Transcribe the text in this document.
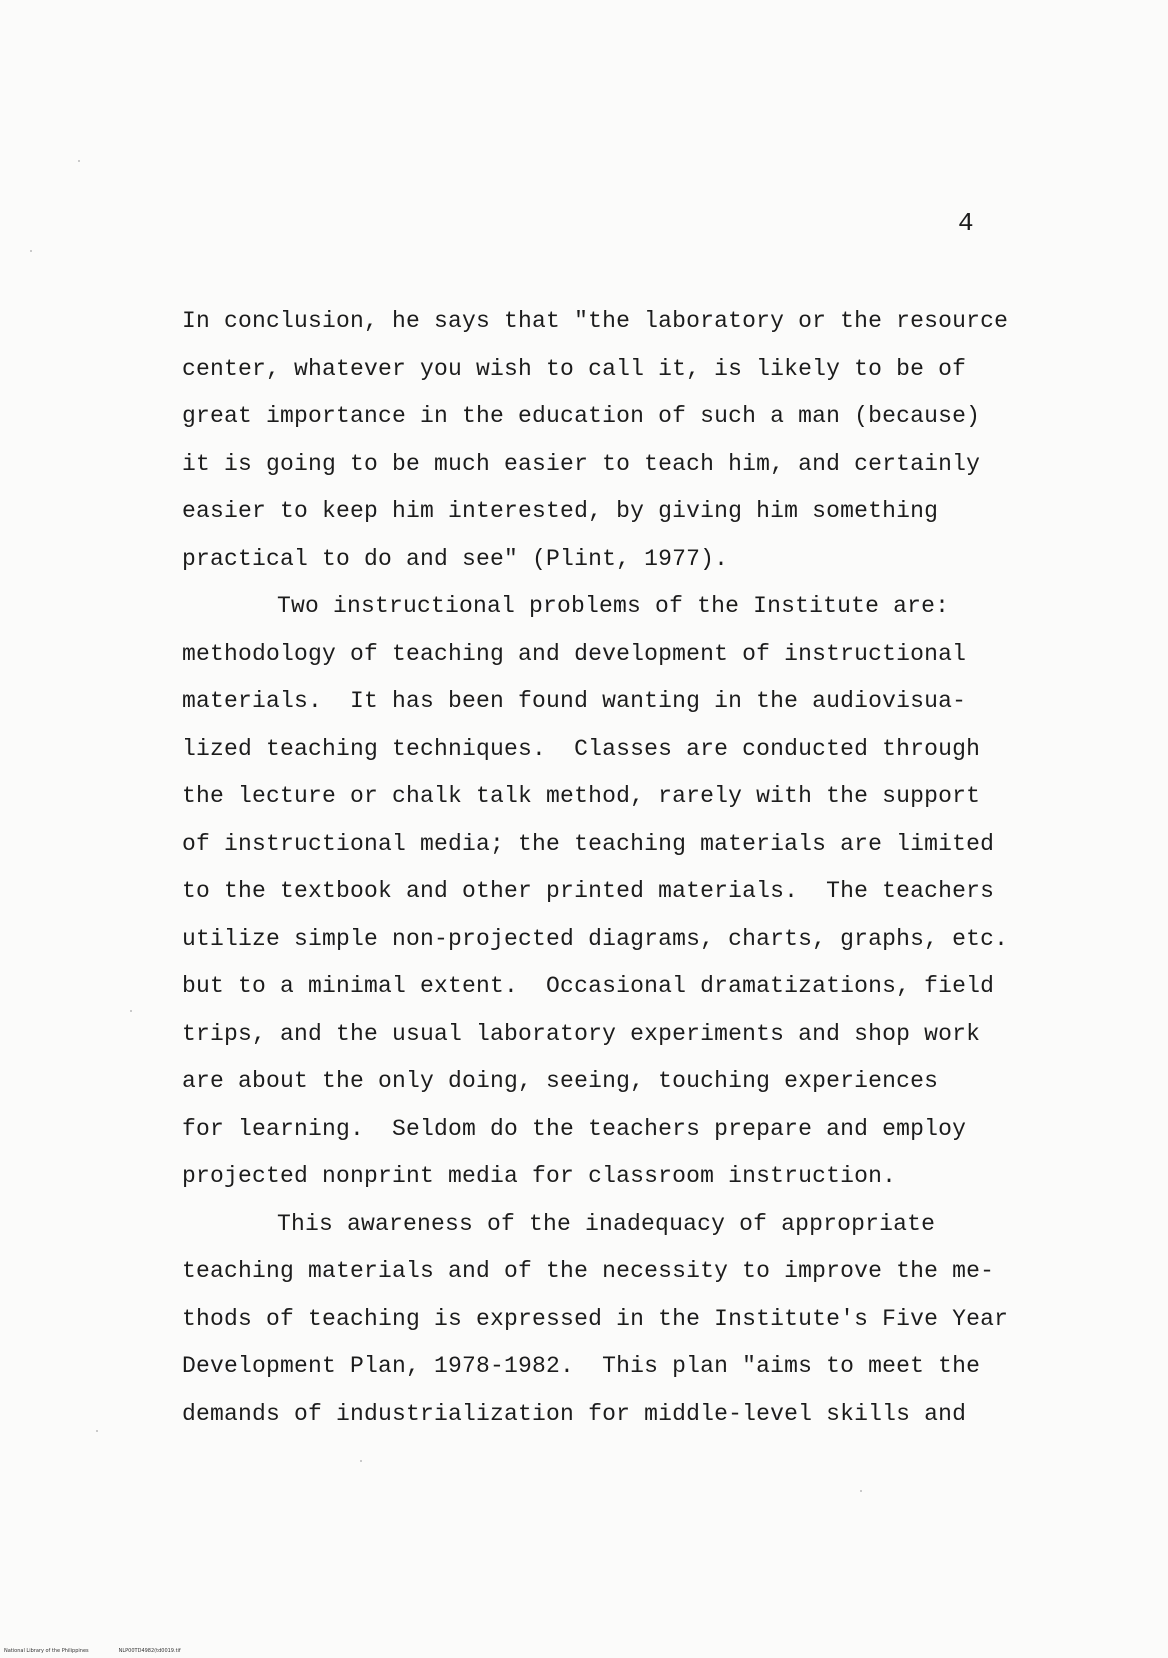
4
In conclusion, he says that "the laboratory or the resource
center, whatever you wish to call it, is likely to be of
great importance in the education of such a man (because)
it is going to be much easier to teach him, and certainly
easier to keep him interested, by giving him something
practical to do and see" (Plint, 1977).
Two instructional problems of the Institute are:
methodology of teaching and development of instructional
materials.  It has been found wanting in the audiovisua-
lized teaching techniques.  Classes are conducted through
the lecture or chalk talk method, rarely with the support
of instructional media; the teaching materials are limited
to the textbook and other printed materials.  The teachers
utilize simple non-projected diagrams, charts, graphs, etc.
but to a minimal extent.  Occasional dramatizations, field
trips, and the usual laboratory experiments and shop work
are about the only doing, seeing, touching experiences
for learning.  Seldom do the teachers prepare and employ
projected nonprint media for classroom instruction.
This awareness of the inadequacy of appropriate
teaching materials and of the necessity to improve the me-
thods of teaching is expressed in the Institute's Five Year
Development Plan, 1978-1982.  This plan "aims to meet the
demands of industrialization for middle-level skills and
National Library of the Philippines	NLP00TD4982(td0019.tif
